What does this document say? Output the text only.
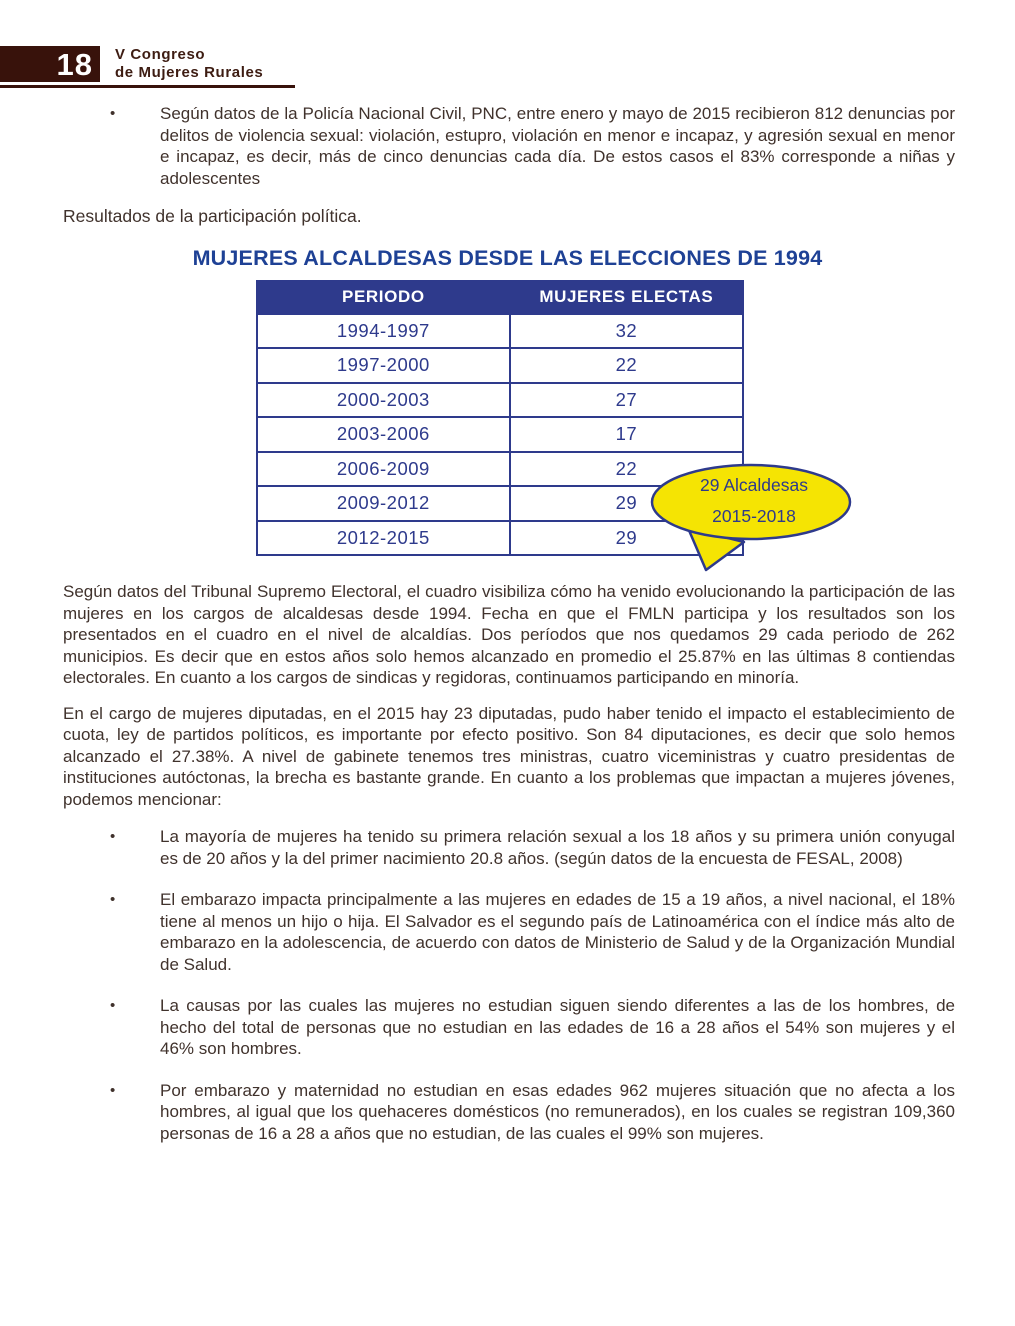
18 V Congreso
de Mujeres Rurales
• Según datos de la Policía Nacional Civil, PNC, entre enero y mayo de 2015 recibieron 812 denuncias por delitos de violencia sexual: violación, estupro, violación en menor e incapaz, y agresión sexual en menor e incapaz, es decir, más de cinco denuncias cada día. De estos casos el 83% corresponde a niñas y adolescentes
Resultados de la participación política.
MUJERES ALCALDESAS DESDE LAS ELECCIONES DE 1994
PERIODO	MUJERES ELECTAS
1994-1997	32
1997-2000	22
2000-2003	27
2003-2006	17
2006-2009	22
2009-2012	29
2012-2015	29
29 Alcaldesas
2015-2018
Según datos del Tribunal Supremo Electoral, el cuadro visibiliza cómo ha venido evolucionando la participación de las mujeres en los cargos de alcaldesas desde 1994. Fecha en que el FMLN participa y los resultados son los presentados en el cuadro en el nivel de alcaldías. Dos períodos que nos quedamos 29 cada periodo de 262 municipios. Es decir que en estos años solo hemos alcanzado en promedio el 25.87% en las últimas 8 contiendas electorales. En cuanto a los cargos de sindicas y regidoras, continuamos participando en minoría.
En el cargo de mujeres diputadas, en el 2015 hay 23 diputadas, pudo haber tenido el impacto el establecimiento de cuota, ley de partidos políticos, es importante por efecto positivo. Son 84 diputaciones, es decir que solo hemos alcanzado el 27.38%. A nivel de gabinete tenemos tres ministras, cuatro viceministras y cuatro presidentas de instituciones autóctonas, la brecha es bastante grande. En cuanto a los problemas que impactan a mujeres jóvenes, podemos mencionar:
• La mayoría de mujeres ha tenido su primera relación sexual a los 18 años y su primera unión conyugal es de 20 años y la del primer nacimiento 20.8 años. (según datos de la encuesta de FESAL, 2008)
• El embarazo impacta principalmente a las mujeres en edades de 15 a 19 años, a nivel nacional, el 18% tiene al menos un hijo o hija. El Salvador es el segundo país de Latinoamérica con el índice más alto de embarazo en la adolescencia, de acuerdo con datos de Ministerio de Salud y de la Organización Mundial de Salud.
• La causas por las cuales las mujeres no estudian siguen siendo diferentes a las de los hombres, de hecho del total de personas que no estudian en las edades de 16 a 28 años el 54% son mujeres y el 46% son hombres.
• Por embarazo y maternidad no estudian en esas edades 962 mujeres situación que no afecta a los hombres, al igual que los quehaceres domésticos (no remunerados), en los cuales se registran 109,360 personas de 16 a 28 a años que no estudian, de las cuales el 99% son mujeres.
